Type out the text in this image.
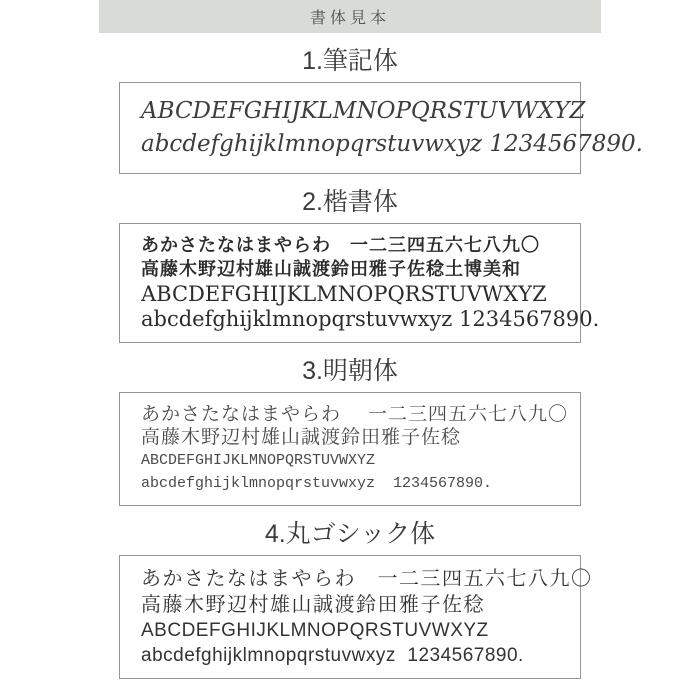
書体見本
1.筆記体
ABCDEFGHIJKLMNOPQRSTUVWXYZ
abcdefghijklmnopqrstuvwxyz 1234567890.
2.楷書体
あかさたなはまやらわ　一二三四五六七八九〇
高藤木野辺村雄山誠渡鈴田雅子佐稔土博美和
ABCDEFGHIJKLMNOPQRSTUVWXYZ
abcdefghijklmnopqrstuvwxyz 1234567890.
3.明朝体
あかさたなはまやらわ　 一二三四五六七八九〇
高藤木野辺村雄山誠渡鈴田雅子佐稔
ABCDEFGHIJKLMNOPQRSTUVWXYZ
abcdefghijklmnopqrstuvwxyz  1234567890.
4.丸ゴシック体
あかさたなはまやらわ　一二三四五六七八九〇
高藤木野辺村雄山誠渡鈴田雅子佐稔
ABCDEFGHIJKLMNOPQRSTUVWXYZ
abcdefghijklmnopqrstuvwxyz  1234567890.
